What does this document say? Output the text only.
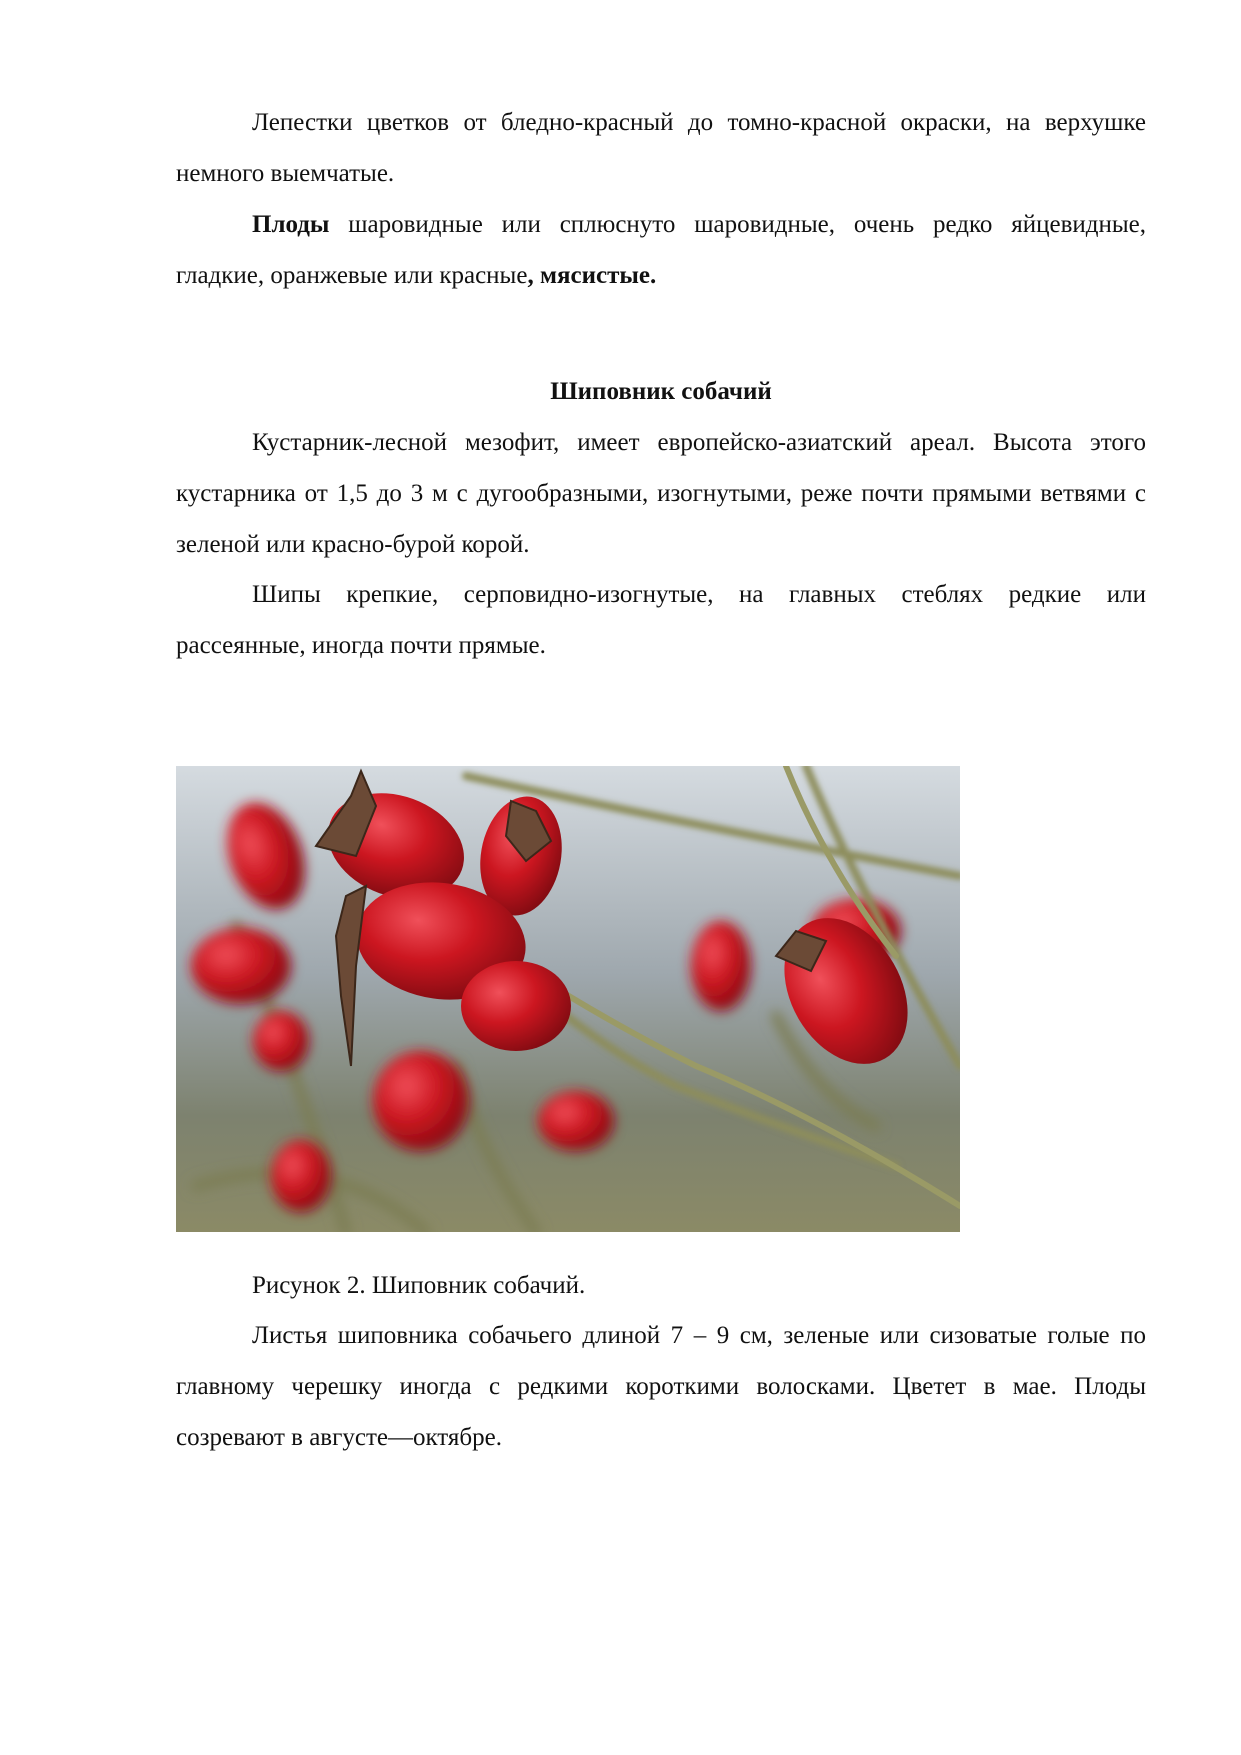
Лепестки цветков от бледно-красный до томно-красной окраски, на верхушке немного выемчатые.

Плоды шаровидные или сплюснуто шаровидные, очень редко яйцевидные, гладкие, оранжевые или красные, мясистые.

Шиповник собачий

Кустарник-лесной мезофит, имеет европейско-азиатский ареал. Высота этого кустарника от 1,5 до 3 м с дугообразными, изогнутыми, реже почти прямыми ветвями с зеленой или красно-бурой корой.

Шипы крепкие, серповидно-изогнутые, на главных стеблях редкие или рассеянные, иногда почти прямые.

Рисунок 2. Шиповник собачий.

Листья шиповника собачьего длиной 7 – 9 см, зеленые или сизоватые голые по главному черешку иногда с редкими короткими волосками. Цветет в мае. Плоды созревают в августе—октябре.
